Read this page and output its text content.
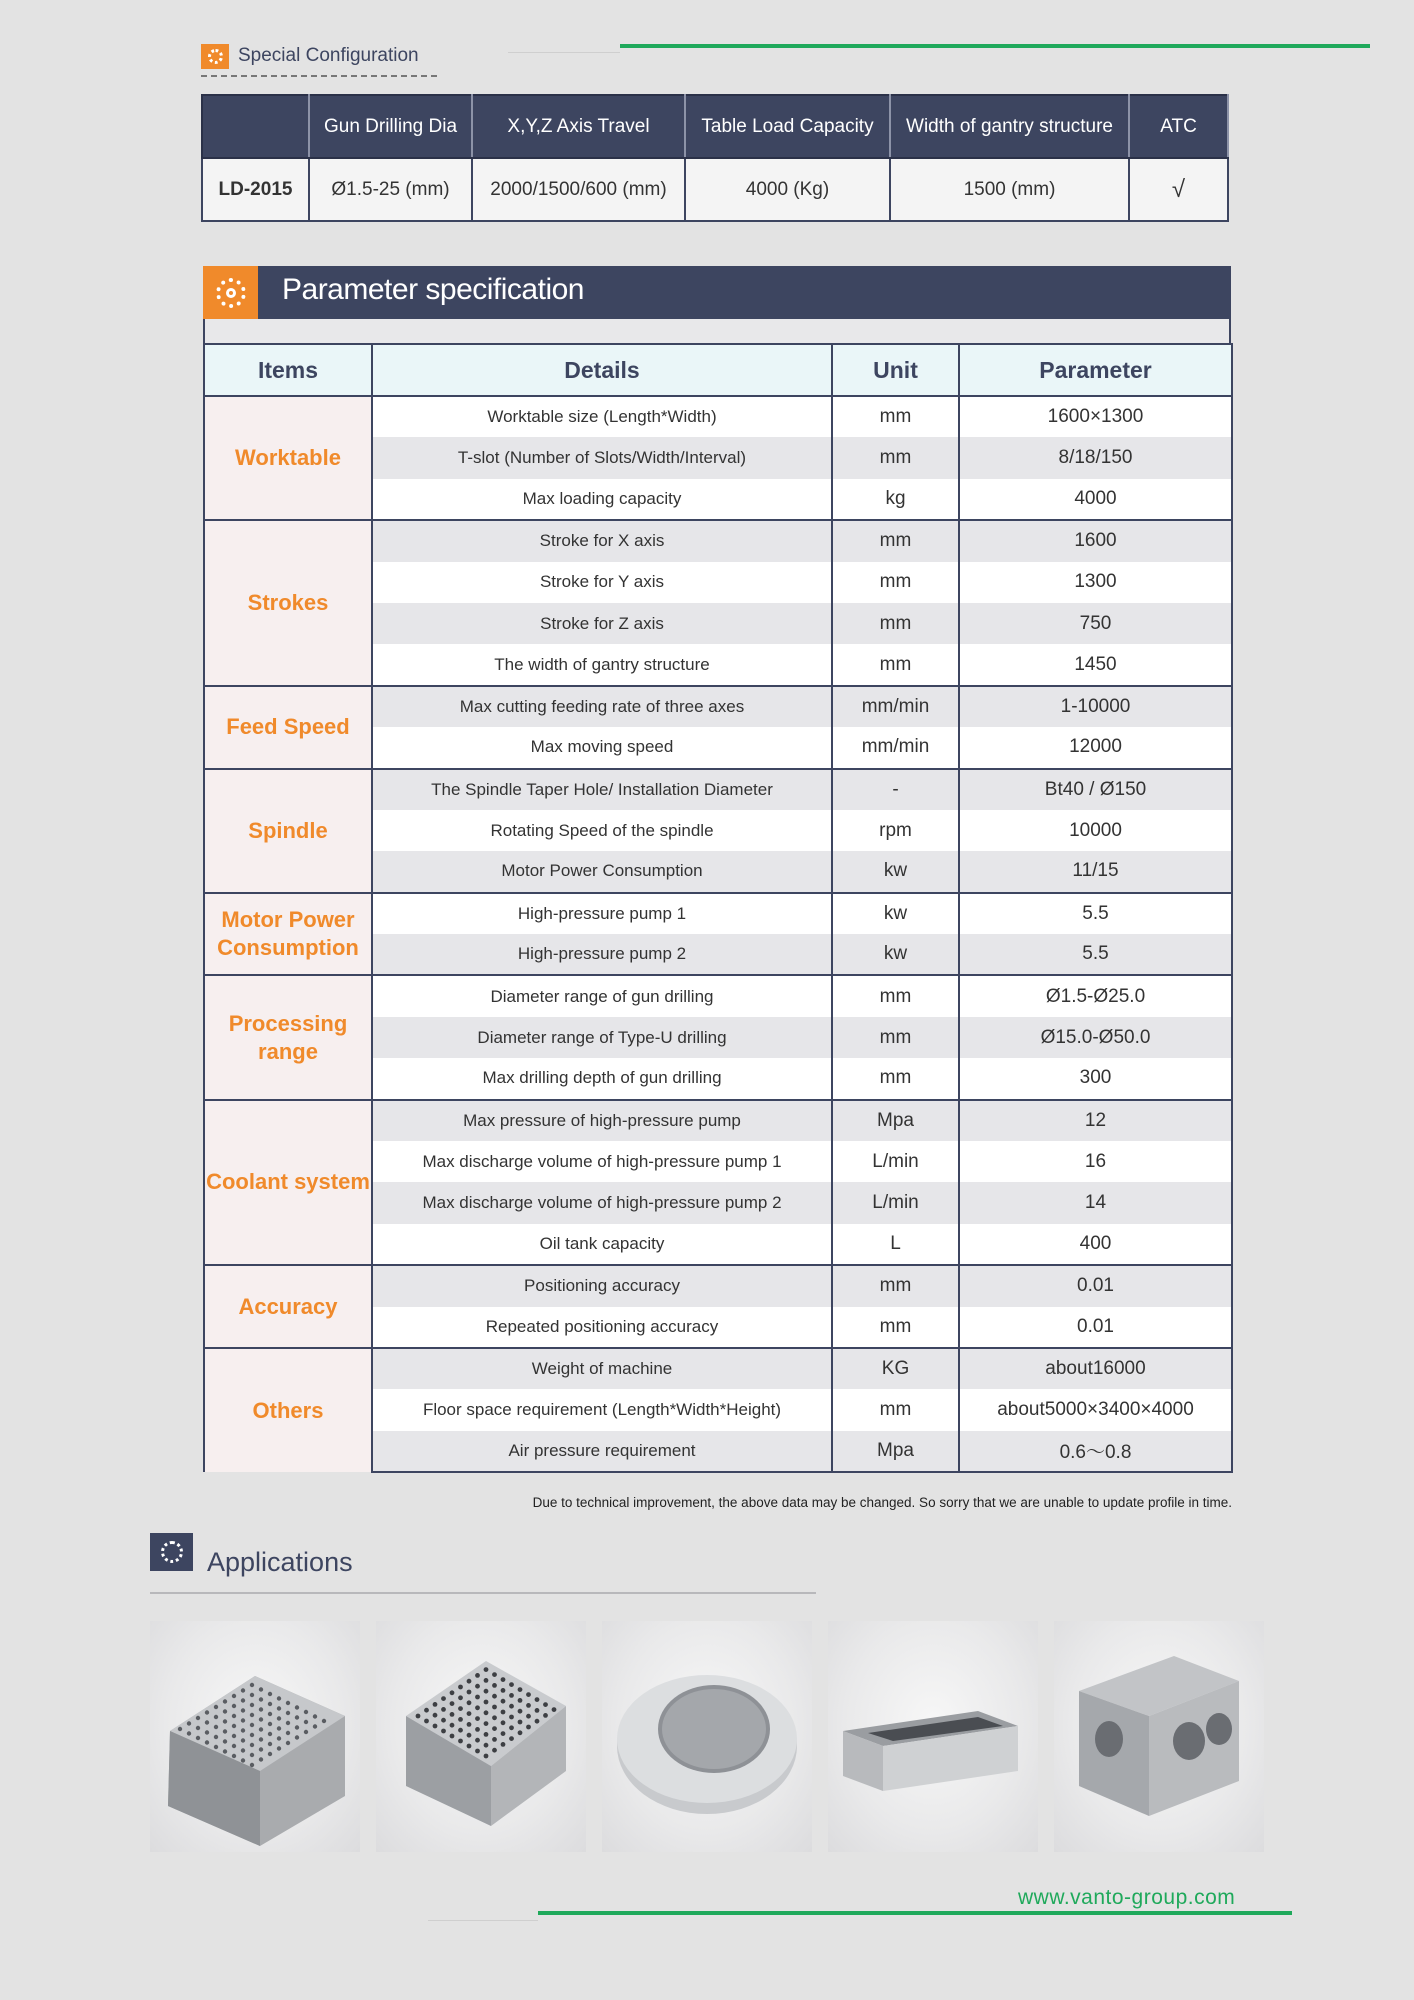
Special Configuration
	Gun Drilling Dia	X,Y,Z Axis Travel	Table Load Capacity	Width of gantry structure	ATC
LD-2015	Ø1.5-25 (mm)	2000/1500/600 (mm)	4000 (Kg)	1500 (mm)	√
Parameter specification
Items	Details	Unit	Parameter
Worktable	Worktable size (Length*Width)	mm	1600×1300
	T-slot (Number of Slots/Width/Interval)	mm	8/18/150
	Max loading capacity	kg	4000
Strokes	Stroke for X axis	mm	1600
	Stroke for Y axis	mm	1300
	Stroke for Z axis	mm	750
	The width of gantry structure	mm	1450
Feed Speed	Max cutting feeding rate of three axes	mm/min	1-10000
	Max moving speed	mm/min	12000
Spindle	The Spindle Taper Hole/ Installation Diameter	-	Bt40 / Ø150
	Rotating Speed of the spindle	rpm	10000
	Motor Power Consumption	kw	11/15
Motor Power Consumption	High-pressure pump 1	kw	5.5
	High-pressure pump 2	kw	5.5
Processing range	Diameter range of gun drilling	mm	Ø1.5-Ø25.0
	Diameter range of Type-U drilling	mm	Ø15.0-Ø50.0
	Max drilling depth of gun drilling	mm	300
Coolant system	Max pressure of high-pressure pump	Mpa	12
	Max discharge volume of high-pressure pump 1	L/min	16
	Max discharge volume of high-pressure pump 2	L/min	14
	Oil tank capacity	L	400
Accuracy	Positioning accuracy	mm	0.01
	Repeated positioning accuracy	mm	0.01
Others	Weight of machine	KG	about16000
	Floor space requirement (Length*Width*Height)	mm	about5000×3400×4000
	Air pressure requirement	Mpa	0.6～0.8
Due to technical improvement, the above data may be changed. So sorry that we are unable to update profile in time.
Applications
www.vanto-group.com
